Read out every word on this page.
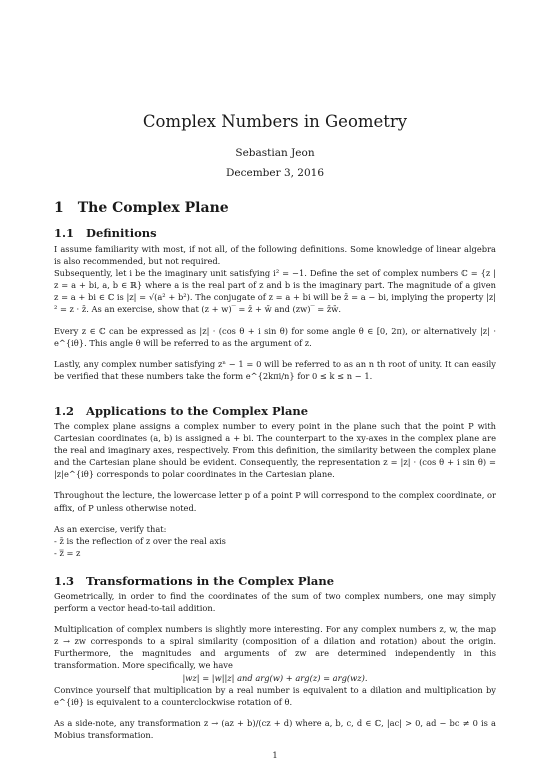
Complex Numbers in Geometry
Sebastian Jeon
December 3, 2016
1 The Complex Plane
1.1 Definitions

I assume familiarity with most, if not all, of the following definitions. Some knowledge of linear algebra is also recommended, but not required.

Subsequently, let i be the imaginary unit satisfying i² = −1. Define the set of complex numbers ℂ = {z | z = a + bi, a, b ∈ ℝ} where a is the real part of z and b is the imaginary part. The magnitude of a given z = a + bi ∈ ℂ is |z| = √(a² + b²). The conjugate of z = a + bi will be z̄ = a − bi, implying the property |z|² = z · z̄. As an exercise, show that (z + w)‾ = z̄ + w̄ and (zw)‾ = z̄w̄.

Every z ∈ ℂ can be expressed as |z| · (cos θ + i sin θ) for some angle θ ∈ [0, 2π), or alternatively |z| · e^{iθ}. This angle θ will be referred to as the argument of z.

Lastly, any complex number satisfying zⁿ − 1 = 0 will be referred to as an n th root of unity. It can easily be verified that these numbers take the form e^{2kπi/n} for 0 ≤ k ≤ n − 1.

1.2 Applications to the Complex Plane

The complex plane assigns a complex number to every point in the plane such that the point P with Cartesian coordinates (a, b) is assigned a + bi. The counterpart to the xy-axes in the complex plane are the real and imaginary axes, respectively. From this definition, the similarity between the complex plane and the Cartesian plane should be evident. Consequently, the representation z = |z| · (cos θ + i sin θ) = |z|e^{iθ} corresponds to polar coordinates in the Cartesian plane.

Throughout the lecture, the lowercase letter p of a point P will correspond to the complex coordinate, or affix, of P unless otherwise noted.

As an exercise, verify that:

- z̄ is the reflection of z over the real axis

- z̿ = z

1.3 Transformations in the Complex Plane

Geometrically, in order to find the coordinates of the sum of two complex numbers, one may simply perform a vector head-to-tail addition.

Multiplication of complex numbers is slightly more interesting. For any complex numbers z, w, the map z → zw corresponds to a spiral similarity (composition of a dilation and rotation) about the origin. Furthermore, the magnitudes and arguments of zw are determined independently in this transformation. More specifically, we have

|wz| = |w||z| and arg(w) + arg(z) = arg(wz).

Convince yourself that multiplication by a real number is equivalent to a dilation and multiplication by e^{iθ} is equivalent to a counterclockwise rotation of θ.

As a side-note, any transformation z → (az + b)/(cz + d) where a, b, c, d ∈ ℂ, |ac| > 0, ad − bc ≠ 0 is a Mobius transformation.

1
